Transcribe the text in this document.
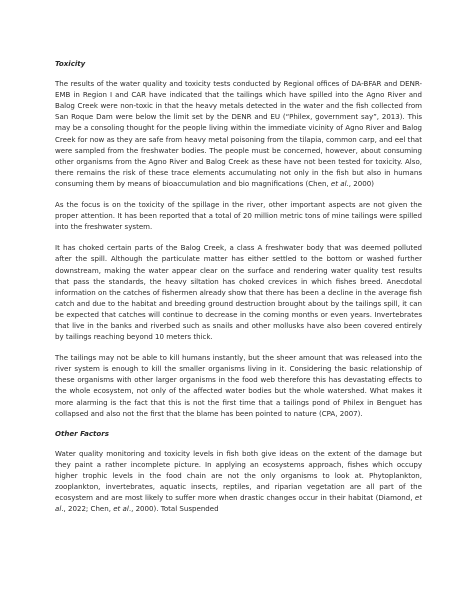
Toxicity

The results of the water quality and toxicity tests conducted by Regional offices of DA-BFAR and DENR-EMB in Region I and CAR have indicated that the tailings which have spilled into the Agno River and Balog Creek were non-toxic in that the heavy metals detected in the water and the fish collected from San Roque Dam were below the limit set by the DENR and EU (“Philex, government say”, 2013). This may be a consoling thought for the people living within the immediate vicinity of Agno River and Balog Creek for now as they are safe from heavy metal poisoning from the tilapia, common carp, and eel that were sampled from the freshwater bodies. The people must be concerned, however, about consuming other organisms from the Agno River and Balog Creek as these have not been tested for toxicity. Also, there remains the risk of these trace elements accumulating not only in the fish but also in humans consuming them by means of bioaccumulation and bio magnifications (Chen, et al., 2000)

As the focus is on the toxicity of the spillage in the river, other important aspects are not given the proper attention. It has been reported that a total of 20 million metric tons of mine tailings were spilled into the freshwater system.

It has choked certain parts of the Balog Creek, a class A freshwater body that was deemed polluted after the spill. Although the particulate matter has either settled to the bottom or washed further downstream, making the water appear clear on the surface and rendering water quality test results that pass the standards, the heavy siltation has choked crevices in which fishes breed. Anecdotal information on the catches of fishermen already show that there has been a decline in the average fish catch and due to the habitat and breeding ground destruction brought about by the tailings spill, it can be expected that catches will continue to decrease in the coming months or even years. Invertebrates that live in the banks and riverbed such as snails and other mollusks have also been covered entirely by tailings reaching beyond 10 meters thick.

The tailings may not be able to kill humans instantly, but the sheer amount that was released into the river system is enough to kill the smaller organisms living in it. Considering the basic relationship of these organisms with other larger organisms in the food web therefore this has devastating effects to the whole ecosystem, not only of the affected water bodies but the whole watershed. What makes it more alarming is the fact that this is not the first time that a tailings pond of Philex in Benguet has collapsed and also not the first that the blame has been pointed to nature (CPA, 2007).

Other Factors

Water quality monitoring and toxicity levels in fish both give ideas on the extent of the damage but they paint a rather incomplete picture. In applying an ecosystems approach, fishes which occupy higher trophic levels in the food chain are not the only organisms to look at. Phytoplankton, zooplankton, invertebrates, aquatic insects, reptiles, and riparian vegetation are all part of the ecosystem and are most likely to suffer more when drastic changes occur in their habitat (Diamond, et al., 2022; Chen, et al., 2000). Total Suspended
